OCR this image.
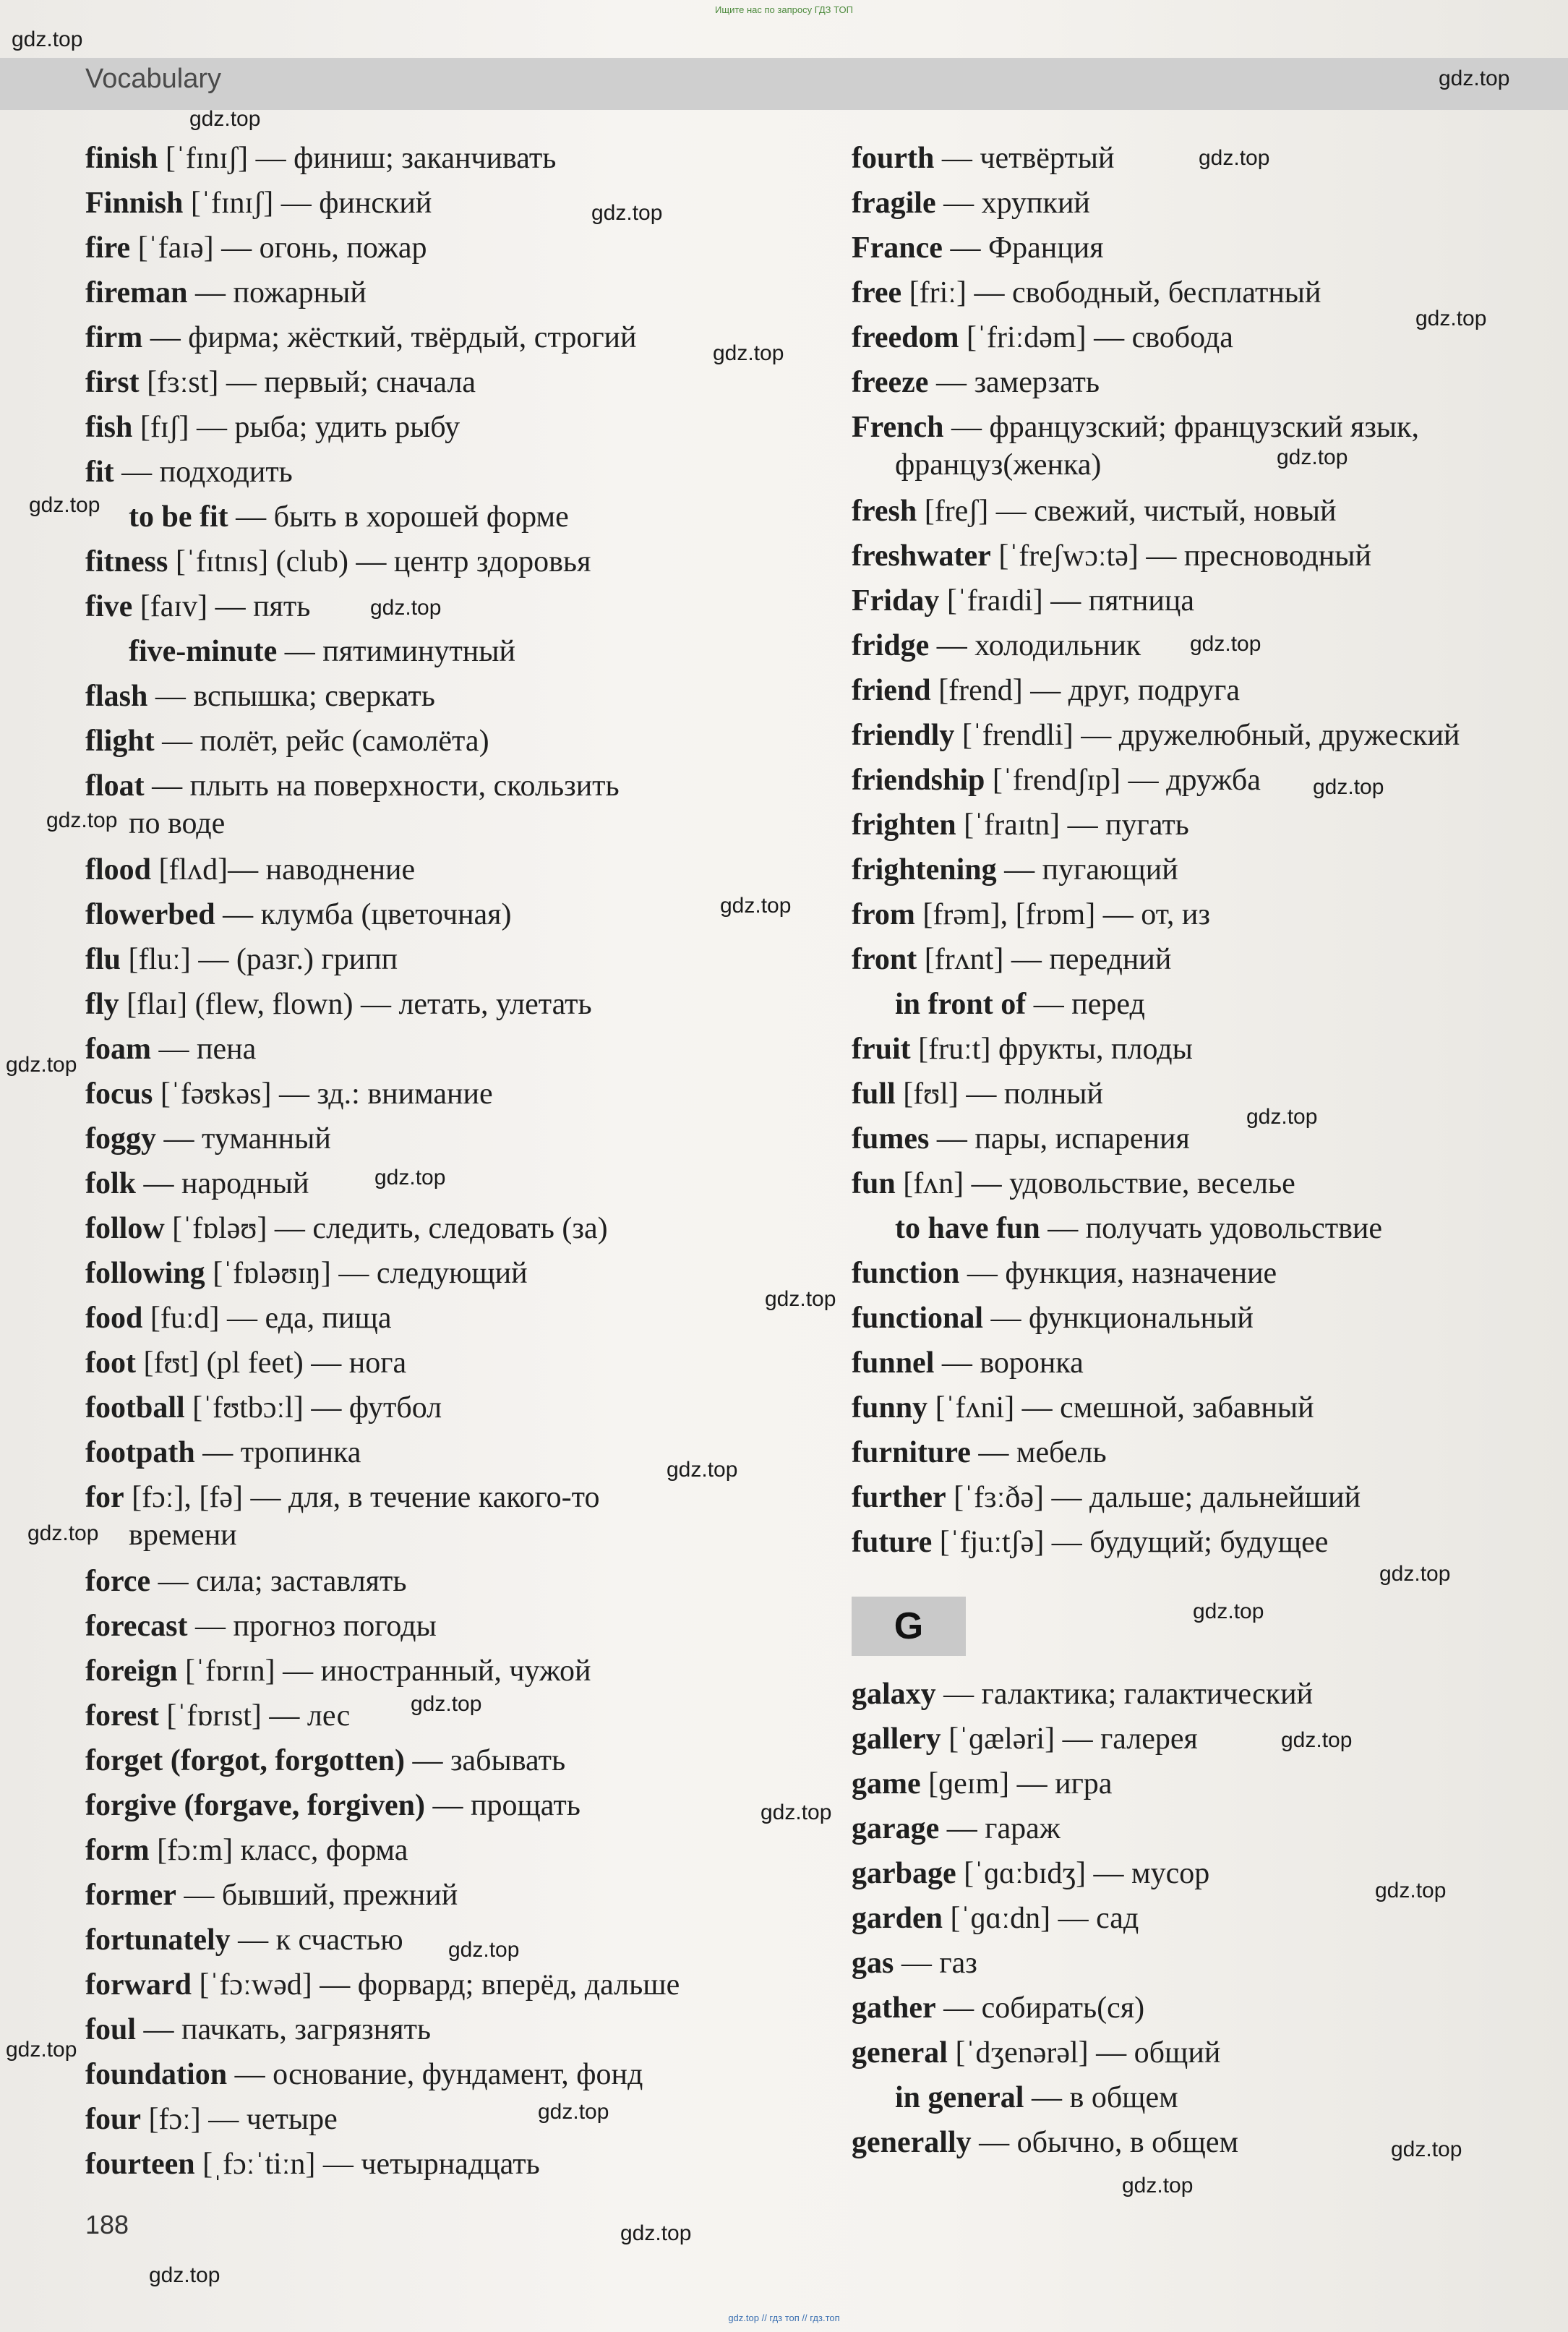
Ищите нас по запросу ГДЗ ТОП
Vocabulary
finish [ˈfɪnɪʃ] — финиш; заканчивать
Finnish [ˈfɪnɪʃ] — финский
fire [ˈfaɪə] — огонь, пожар
fireman — пожарный
firm — фирма; жёсткий, твёрдый, строгий
first [fɜːst] — первый; сначала
fish [fɪʃ] — рыба; удить рыбу
fit — подходить
to be fit — быть в хорошей форме
fitness [ˈfɪtnɪs] (club) — центр здоровья
five [faɪv] — пять
five-minute — пятиминутный
flash — вспышка; сверкать
flight — полёт, рейс (самолёта)
float — плыть на поверхности, скользить
по воде
flood [flʌd]— наводнение
flowerbed — клумба (цветочная)
flu [fluː] — (разг.) грипп
fly [flaɪ] (flew, flown) — летать, улетать
foam — пена
focus [ˈfəʊkəs] — зд.: внимание
foggy — туманный
folk — народный
follow [ˈfɒləʊ] — следить, следовать (за)
following [ˈfɒləʊɪŋ] — следующий
food [fuːd] — еда, пища
foot [fʊt] (pl feet) — нога
football [ˈfʊtbɔːl] — футбол
footpath — тропинка
for [fɔː], [fə] — для, в течение какого-то
времени
force — сила; заставлять
forecast — прогноз погоды
foreign [ˈfɒrɪn] — иностранный, чужой
forest [ˈfɒrɪst] — лес
forget (forgot, forgotten) — забывать
forgive (forgave, forgiven) — прощать
form [fɔːm] класс, форма
former — бывший, прежний
fortunately — к счастью
forward [ˈfɔːwəd] — форвард; вперёд, дальше
foul — пачкать, загрязнять
foundation — основание, фундамент, фонд
four [fɔː] — четыре
fourteen [ˌfɔːˈtiːn] — четырнадцать
fourth — четвёртый
fragile — хрупкий
France — Франция
free [friː] — свободный, бесплатный
freedom [ˈfriːdəm] — свобода
freeze — замерзать
French — французский; французский язык,
француз(женка)
fresh [freʃ] — свежий, чистый, новый
freshwater [ˈfreʃwɔːtə] — пресноводный
Friday [ˈfraɪdi] — пятница
fridge — холодильник
friend [frend] — друг, подруга
friendly [ˈfrendli] — дружелюбный, дружеский
friendship [ˈfrendʃɪp] — дружба
frighten [ˈfraɪtn] — пугать
frightening — пугающий
from [frəm], [frɒm] — от, из
front [frʌnt] — передний
in front of — перед
fruit [fruːt] фрукты, плоды
full [fʊl] — полный
fumes — пары, испарения
fun [fʌn] — удовольствие, веселье
to have fun — получать удовольствие
function — функция, назначение
functional — функциональный
funnel — воронка
funny [ˈfʌni] — смешной, забавный
furniture — мебель
further [ˈfɜːðə] — дальше; дальнейший
future [ˈfjuːtʃə] — будущий; будущее
G
galaxy — галактика; галактический
gallery [ˈɡæləri] — галерея
game [ɡeɪm] — игра
garage — гараж
garbage [ˈɡɑːbɪdʒ] — мусор
garden [ˈɡɑːdn] — сад
gas — газ
gather — собирать(ся)
general [ˈdʒenərəl] — общий
in general — в общем
generally — обычно, в общем
188
gdz.top
gdz.top
gdz.top
gdz.top
gdz.top
gdz.top
gdz.top
gdz.top
gdz.top
gdz.top
gdz.top
gdz.top
gdz.top
gdz.top
gdz.top
gdz.top
gdz.top
gdz.top
gdz.top
gdz.top
gdz.top
gdz.top
gdz.top
gdz.top
gdz.top
gdz.top
gdz.top
gdz.top
gdz.top
gdz.top
gdz.top
gdz.top
gdz.top
gdz.top // гдз топ // гдз.топ
